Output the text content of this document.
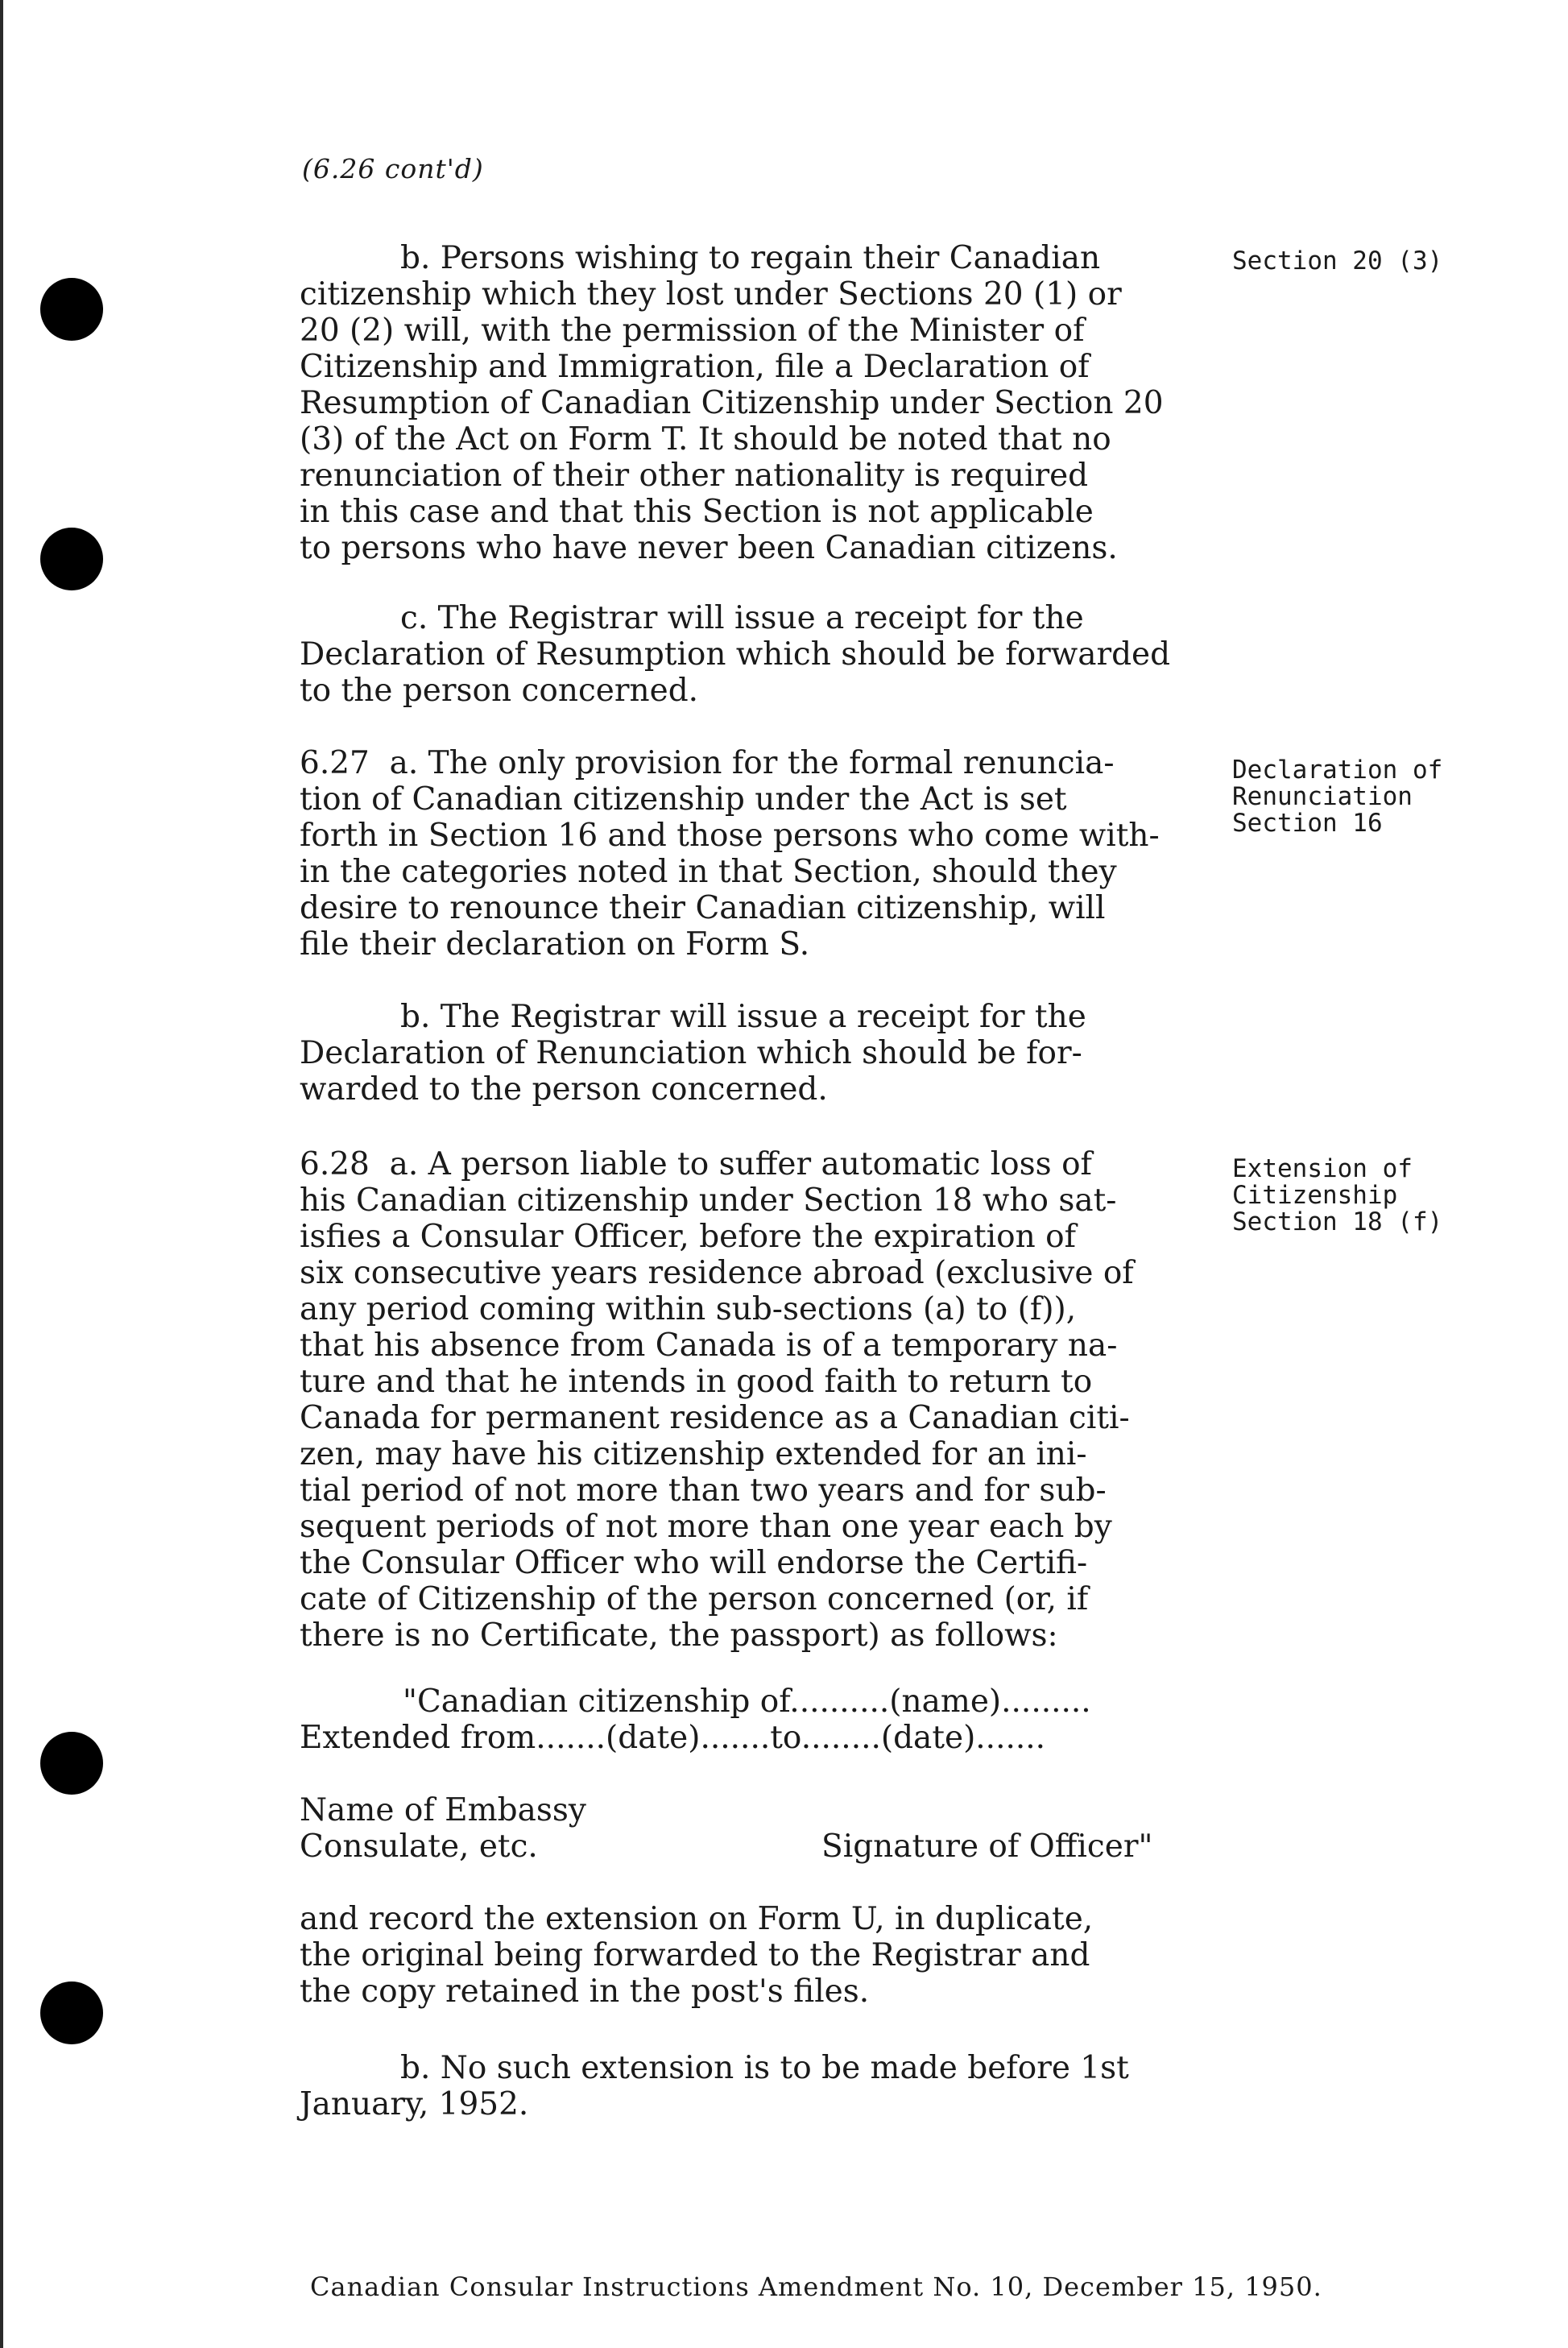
(6.26 cont'd)

b. Persons wishing to regain their Canadian
citizenship which they lost under Sections 20 (1) or
20 (2) will, with the permission of the Minister of
Citizenship and Immigration, file a Declaration of
Resumption of Canadian Citizenship under Section 20
(3) of the Act on Form T. It should be noted that no
renunciation of their other nationality is required
in this case and that this Section is not applicable
to persons who have never been Canadian citizens.

Section 20 (3)

c. The Registrar will issue a receipt for the
Declaration of Resumption which should be forwarded
to the person concerned.

6.27  a. The only provision for the formal renuncia-
tion of Canadian citizenship under the Act is set
forth in Section 16 and those persons who come with-
in the categories noted in that Section, should they
desire to renounce their Canadian citizenship, will
file their declaration on Form S.

Declaration of
Renunciation
Section 16

b. The Registrar will issue a receipt for the
Declaration of Renunciation which should be for-
warded to the person concerned.

6.28  a. A person liable to suffer automatic loss of
his Canadian citizenship under Section 18 who sat-
isfies a Consular Officer, before the expiration of
six consecutive years residence abroad (exclusive of
any period coming within sub-sections (a) to (f)),
that his absence from Canada is of a temporary na-
ture and that he intends in good faith to return to
Canada for permanent residence as a Canadian citi-
zen, may have his citizenship extended for an ini-
tial period of not more than two years and for sub-
sequent periods of not more than one year each by
the Consular Officer who will endorse the Certifi-
cate of Citizenship of the person concerned (or, if
there is no Certificate, the passport) as follows:

Extension of
Citizenship
Section 18 (f)
"Canadian citizenship of..........(name).........
Extended from.......(date).......to........(date).......
Name of Embassy
Consulate, etc.	Signature of Officer"

and record the extension on Form U, in duplicate,
the original being forwarded to the Registrar and
the copy retained in the post's files.

b. No such extension is to be made before 1st
January, 1952.

Canadian Consular Instructions Amendment No. 10, December 15, 1950.
